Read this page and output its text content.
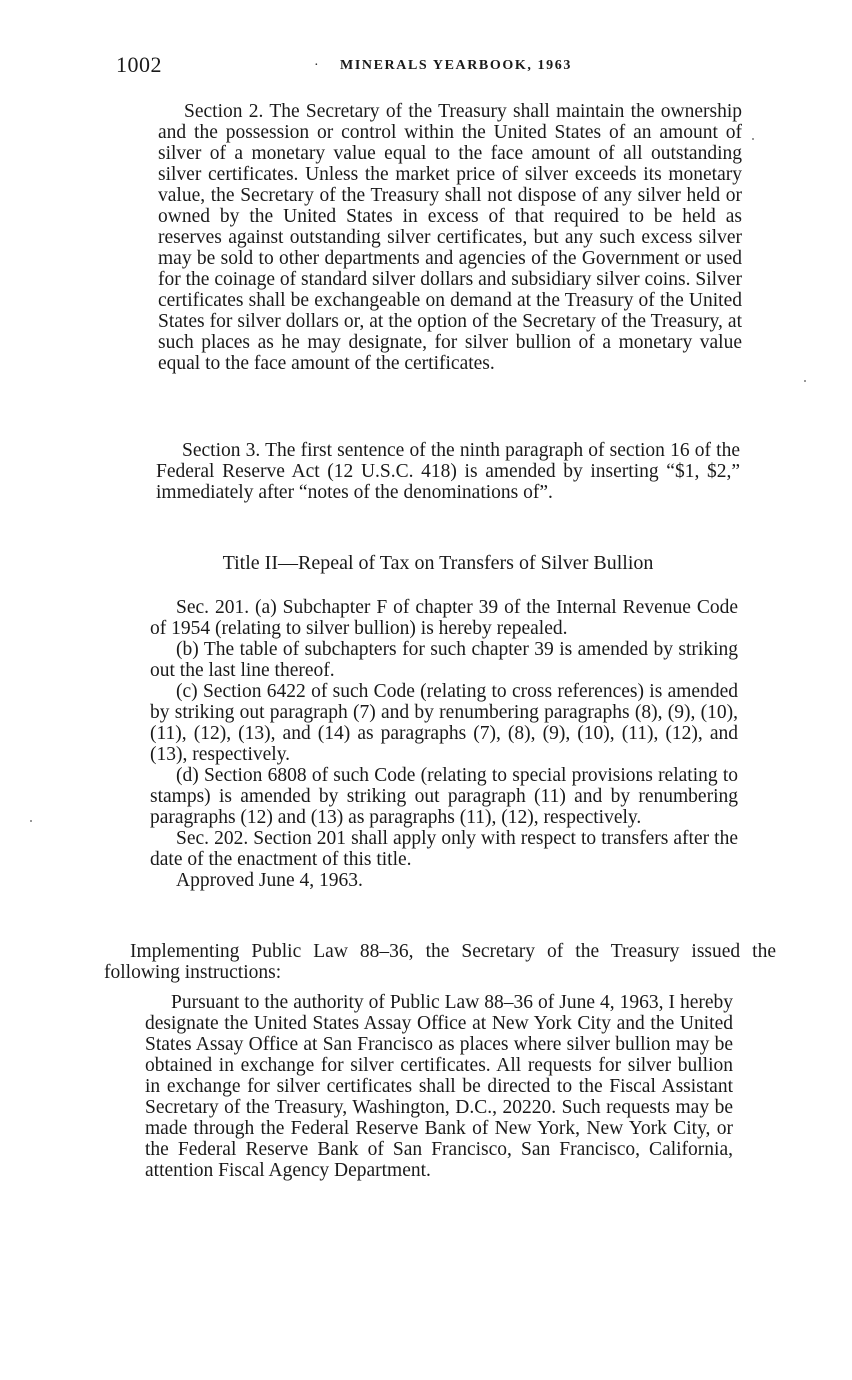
1002	·	MINERALS YEARBOOK, 1963

Section 2. The Secretary of the Treasury shall maintain the ownership and the possession or control within the United States of an amount of silver of a monetary value equal to the face amount of all outstanding silver certificates. Unless the market price of silver exceeds its monetary value, the Secretary of the Treasury shall not dispose of any silver held or owned by the United States in excess of that required to be held as reserves against outstanding silver certificates, but any such excess silver may be sold to other departments and agencies of the Government or used for the coinage of standard silver dollars and subsidiary silver coins. Silver certificates shall be exchangeable on demand at the Treasury of the United States for silver dollars or, at the option of the Secretary of the Treasury, at such places as he may designate, for silver bullion of a monetary value equal to the face amount of the certificates.

Section 3. The first sentence of the ninth paragraph of section 16 of the Federal Reserve Act (12 U.S.C. 418) is amended by inserting “$1, $2,” immediately after “notes of the denominations of”.

Title II—Repeal of Tax on Transfers of Silver Bullion

Sec. 201. (a) Subchapter F of chapter 39 of the Internal Revenue Code of 1954 (relating to silver bullion) is hereby repealed.

(b) The table of subchapters for such chapter 39 is amended by striking out the last line thereof.

(c) Section 6422 of such Code (relating to cross references) is amended by striking out paragraph (7) and by renumbering paragraphs (8), (9), (10), (11), (12), (13), and (14) as paragraphs (7), (8), (9), (10), (11), (12), and (13), respectively.

(d) Section 6808 of such Code (relating to special provisions relating to stamps) is amended by striking out paragraph (11) and by renumbering paragraphs (12) and (13) as paragraphs (11), (12), respectively.

Sec. 202. Section 201 shall apply only with respect to transfers after the date of the enactment of this title.

Approved June 4, 1963.

Implementing Public Law 88–36, the Secretary of the Treasury issued the following instructions:

Pursuant to the authority of Public Law 88–36 of June 4, 1963, I hereby designate the United States Assay Office at New York City and the United States Assay Office at San Francisco as places where silver bullion may be obtained in exchange for silver certificates. All requests for silver bullion in exchange for silver certificates shall be directed to the Fiscal Assistant Secretary of the Treasury, Washington, D.C., 20220. Such requests may be made through the Federal Reserve Bank of New York, New York City, or the Federal Reserve Bank of San Francisco, San Francisco, California, attention Fiscal Agency Department.
